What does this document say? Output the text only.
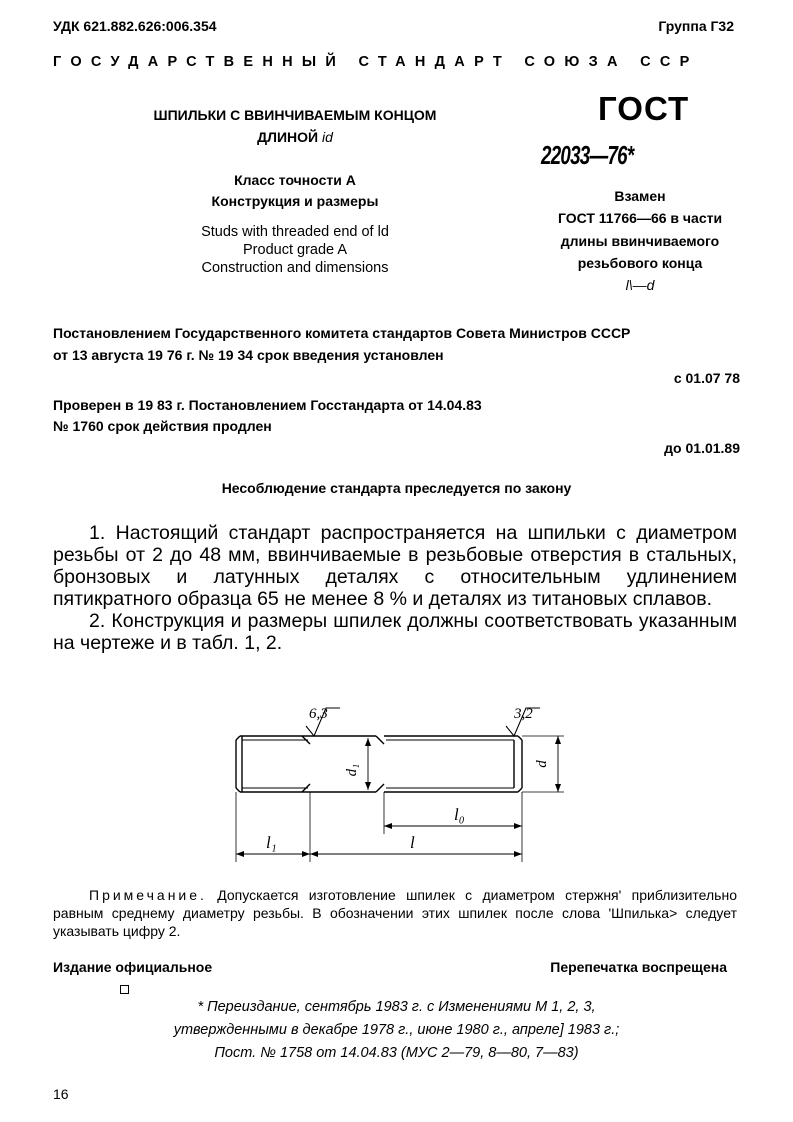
УДК 621.882.626:006.354	Группа Г32
ГОСУДАРСТВЕННЫЙ СТАНДАРТ СОЮЗА ССР
ШПИЛЬКИ С ВВИНЧИВАЕМЫМ КОНЦОМ
ДЛИНОЙ id
Класс точности А
Конструкция и размеры
Studs with threaded end of ld
Product grade A
Construction and dimensions
ГОСТ
22033—76*
Взамен
ГОСТ 11766—66 в части
длины ввинчиваемого
резьбового конца
l\—d
Постановлением Государственного комитета стандартов Совета Министров СССР
от 13 августа 19 76 г. № 19 34 срок введения установлен
с 01.07 78
Проверен в 19 83 г. Постановлением Госстандарта от 14.04.83
№ 1760 срок действия продлен
до 01.01.89
Несоблюдение стандарта преследуется по закону

1. Настоящий стандарт распространяется на шпильки с диаметром резьбы от 2 до 48 мм, ввинчиваемые в резьбовые отверстия в стальных, бронзовых и латунных деталях с относительным удлинением пятикратного образца 65 не менее 8 % и деталях из титановых сплавов.

2. Конструкция и размеры шпилек должны соответствовать указанным на чертеже и в табл. 1, 2.

6,3	3,2
d₁	d
l₀
l₁	l
Примечание. Допускается изготовление шпилек с диаметром стержня' приблизительно равным среднему диаметру резьбы. В обозначении этих шпилек после слова 'Шпилька> следует указывать цифру 2.
Издание официальное	Перепечатка воспрещена
* Переиздание, сентябрь 1983 г. с Изменениями М 1, 2, 3,
утвержденными в декабре 1978 г., июне 1980 г., апреле] 1983 г.;
Пост. № 1758 от 14.04.83 (МУС 2—79, 8—80, 7—83)
16
